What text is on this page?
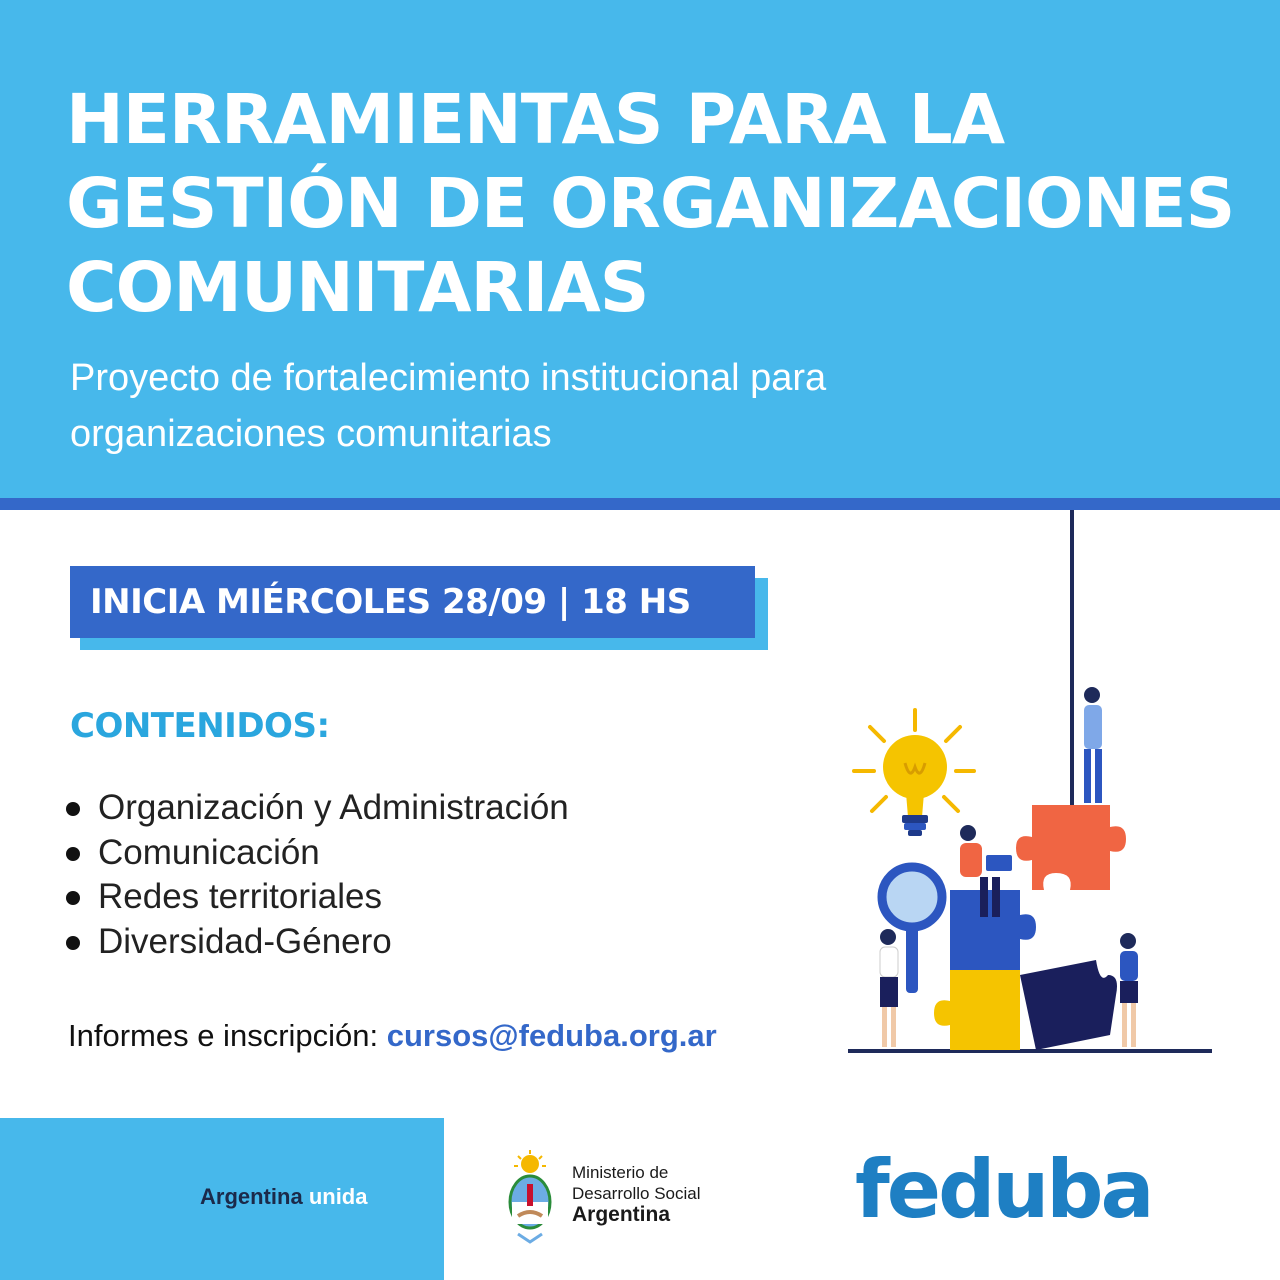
HERRAMIENTAS PARA LA
GESTIÓN DE ORGANIZACIONES
COMUNITARIAS
Proyecto de fortalecimiento institucional para
organizaciones comunitarias
INICIA MIÉRCOLES 28/09 | 18 HS
CONTENIDOS:
Organización y Administración
Comunicación
Redes territoriales
Diversidad-Género
Informes e inscripción: cursos@feduba.org.ar
Argentina unida
Ministerio de
Desarrollo Social
Argentina	feduba
